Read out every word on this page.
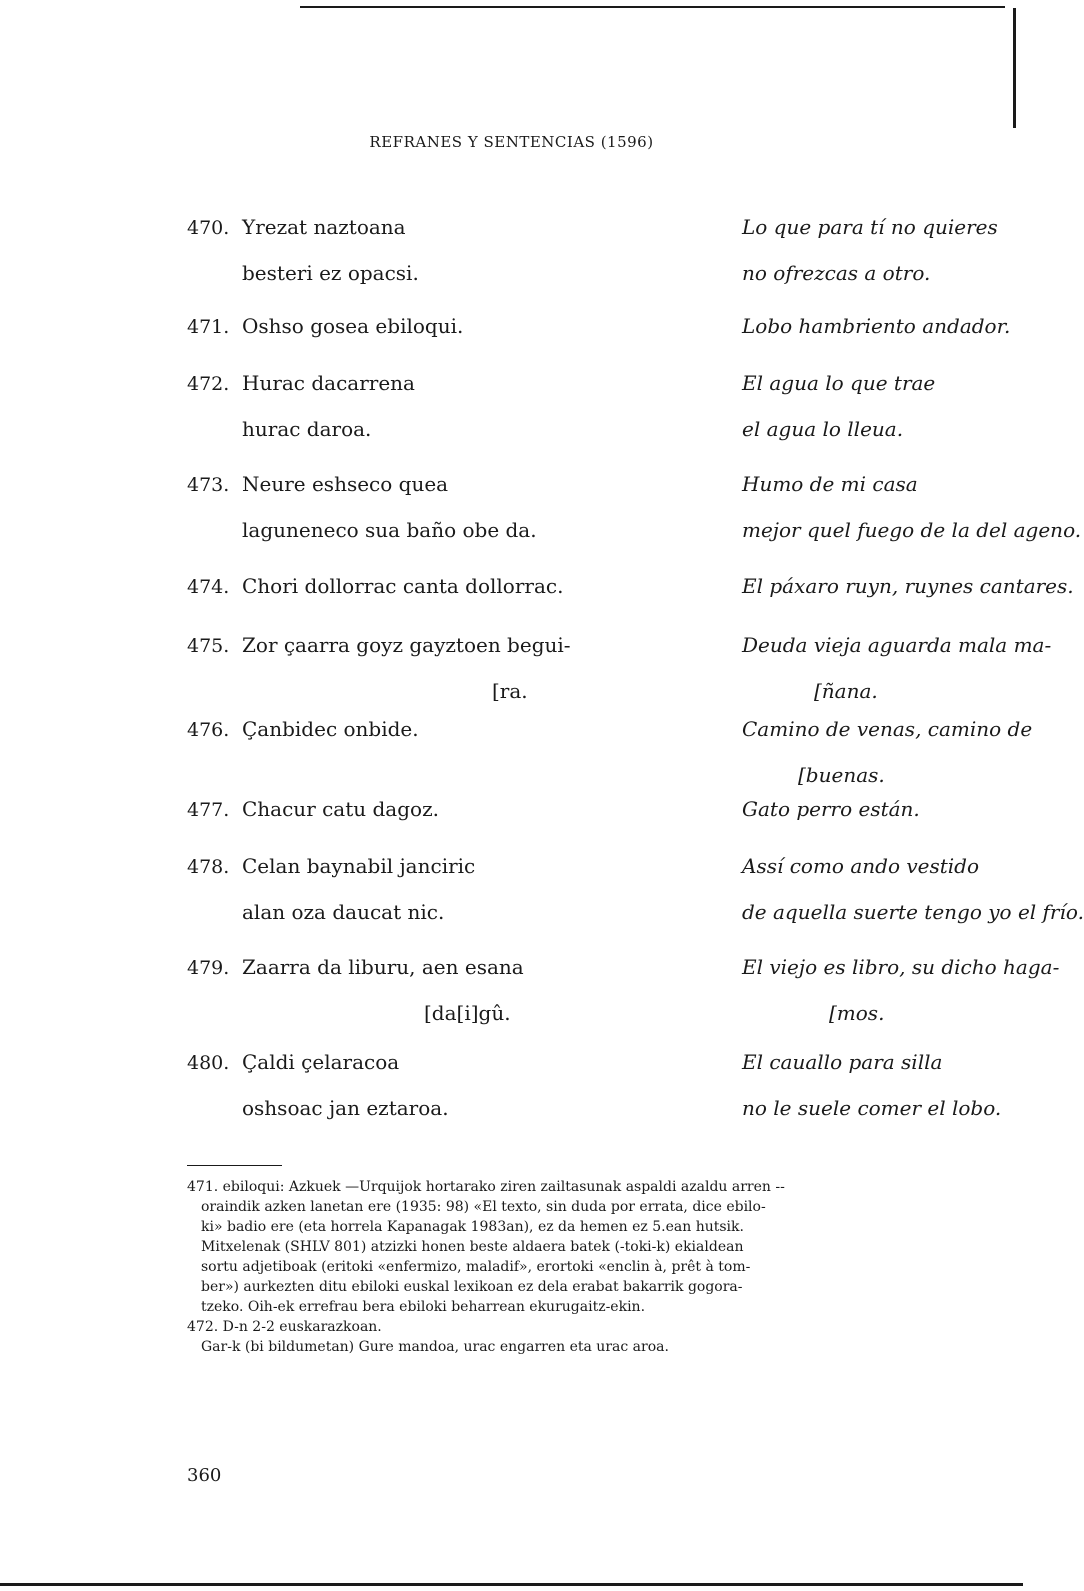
REFRANES Y SENTENCIAS (1596)
470. Yrezat naztoana	Lo que para tí no quieres
besteri ez opacsi.	no ofrezcas a otro.
471. Oshso gosea ebiloqui.	Lobo hambriento andador.
472. Hurac dacarrena	El agua lo que trae
hurac daroa.	el agua lo lleua.
473. Neure eshseco quea	Humo de mi casa
laguneneco sua baño obe da.	mejor quel fuego de la del ageno.
474. Chori dollorrac canta dollorrac.	El páxaro ruyn, ruynes cantares.
475. Zor çaarra goyz gayztoen begui-	Deuda vieja aguarda mala ma-
[ra.	[ñana.
476. Çanbidec onbide.	Camino de venas, camino de
[buenas.
477. Chacur catu dagoz.	Gato perro están.
478. Celan baynabil janciric	Assí como ando vestido
alan oza daucat nic.	de aquella suerte tengo yo el frío.
479. Zaarra da liburu, aen esana	El viejo es libro, su dicho haga-
[da[i]gû.	[mos.
480. Çaldi çelaracoa	El cauallo para silla
oshsoac jan eztaroa.	no le suele comer el lobo.

471. ebiloqui: Azkuek —Urquijok hortarako ziren zailtasunak aspaldi azaldu arren --

oraindik azken lanetan ere (1935: 98) «El texto, sin duda por errata, dice ebilo-

ki» badio ere (eta horrela Kapanagak 1983an), ez da hemen ez 5.ean hutsik.

Mitxelenak (SHLV 801) atzizki honen beste aldaera batek (-toki-k) ekialdean

sortu adjetiboak (eritoki «enfermizo, maladif», erortoki «enclin à, prêt à tom-

ber») aurkezten ditu ebiloki euskal lexikoan ez dela erabat bakarrik gogora-

tzeko. Oih-ek errefrau bera ebiloki beharrean ekurugaitz-ekin.

472. D-n 2-2 euskarazkoan.

Gar-k (bi bildumetan) Gure mandoa, urac engarren eta urac aroa.

360
